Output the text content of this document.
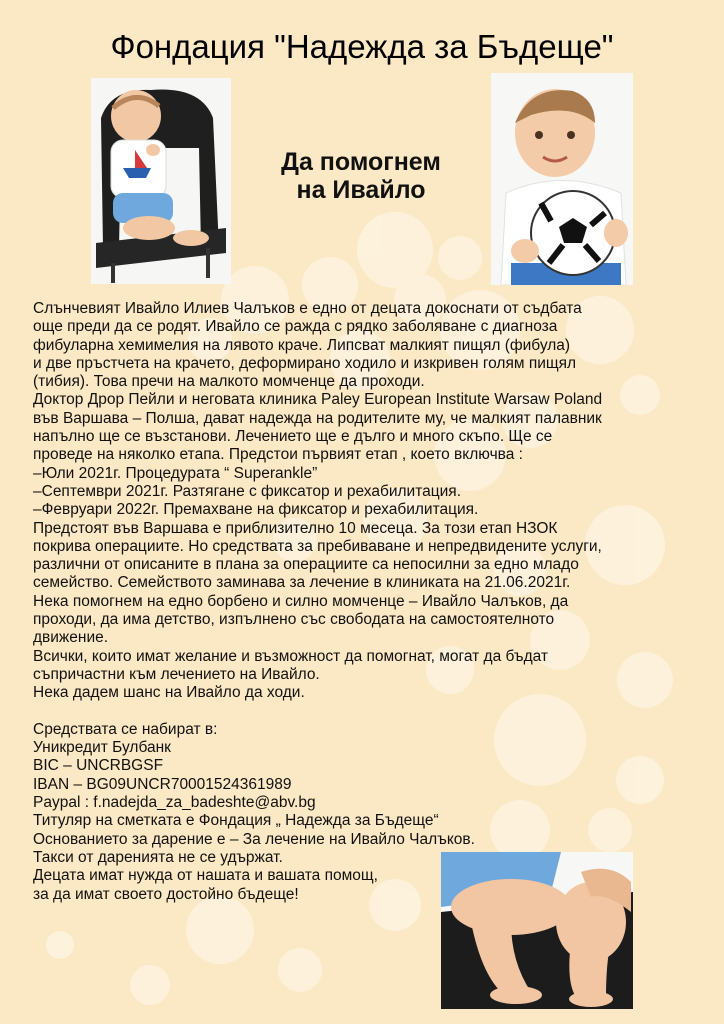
Фондация "Надежда за Бъдеще"
Да помогнем
на Ивайло
Слънчевият Ивайло Илиев Чалъков е едно от децата докоснати от съдбата
още преди да се родят. Ивайло се ражда с рядко заболяване с диагноза
фибуларна хемимелия на лявото краче. Липсват малкият пищял (фибула)
и две пръстчета на крачето, деформирано ходило и изкривен голям пищял
(тибия). Това пречи на малкото момченце да проходи.
Доктор Дрор Пейли и неговата клиника Paley European Institute Warsaw Poland
във Варшава – Полша, дават надежда на родителите му, че малкият палавник
напълно ще се възстанови. Лечението ще е дълго и много скъпо. Ще се
проведе на няколко етапа. Предстои първият етап , което включва :
–Юли 2021г. Процедурата “ Superankle”
–Септември 2021г. Разтягане с фиксатор и рехабилитация.
–Февруари 2022г. Премахване на фиксатор и рехабилитация.
Предстоят във Варшава е приблизително 10 месеца. За този етап НЗОК
покрива операциите. Но средствата за пребиваване и непредвидените услуги,
различни от описаните в плана за операциите са непосилни за едно младо
семейство. Семейството заминава за лечение в клиниката на 21.06.2021г.
Нека помогнем на едно борбено и силно момченце – Ивайло Чалъков, да
проходи, да има детство, изпълнено със свободата на самостоятелното
движение.
Всички, които имат желание и възможност да помогнат, могат да бъдат
съпричастни към лечението на Ивайло.
Нека дадем шанс на Ивайло да ходи.
Средствата се набират в:
Уникредит Булбанк
BIC – UNCRBGSF
IBAN – BG09UNCR70001524361989
Paypal : f.nadejda_za_badeshte@abv.bg
Титуляр на сметката е Фондация „ Надежда за Бъдеще“
Основанието за дарение е – За лечение на Ивайло Чалъков.
Такси от даренията не се удържат.
Децата имат нужда от нашата и вашата помощ,
за да имат своето достойно бъдеще!
